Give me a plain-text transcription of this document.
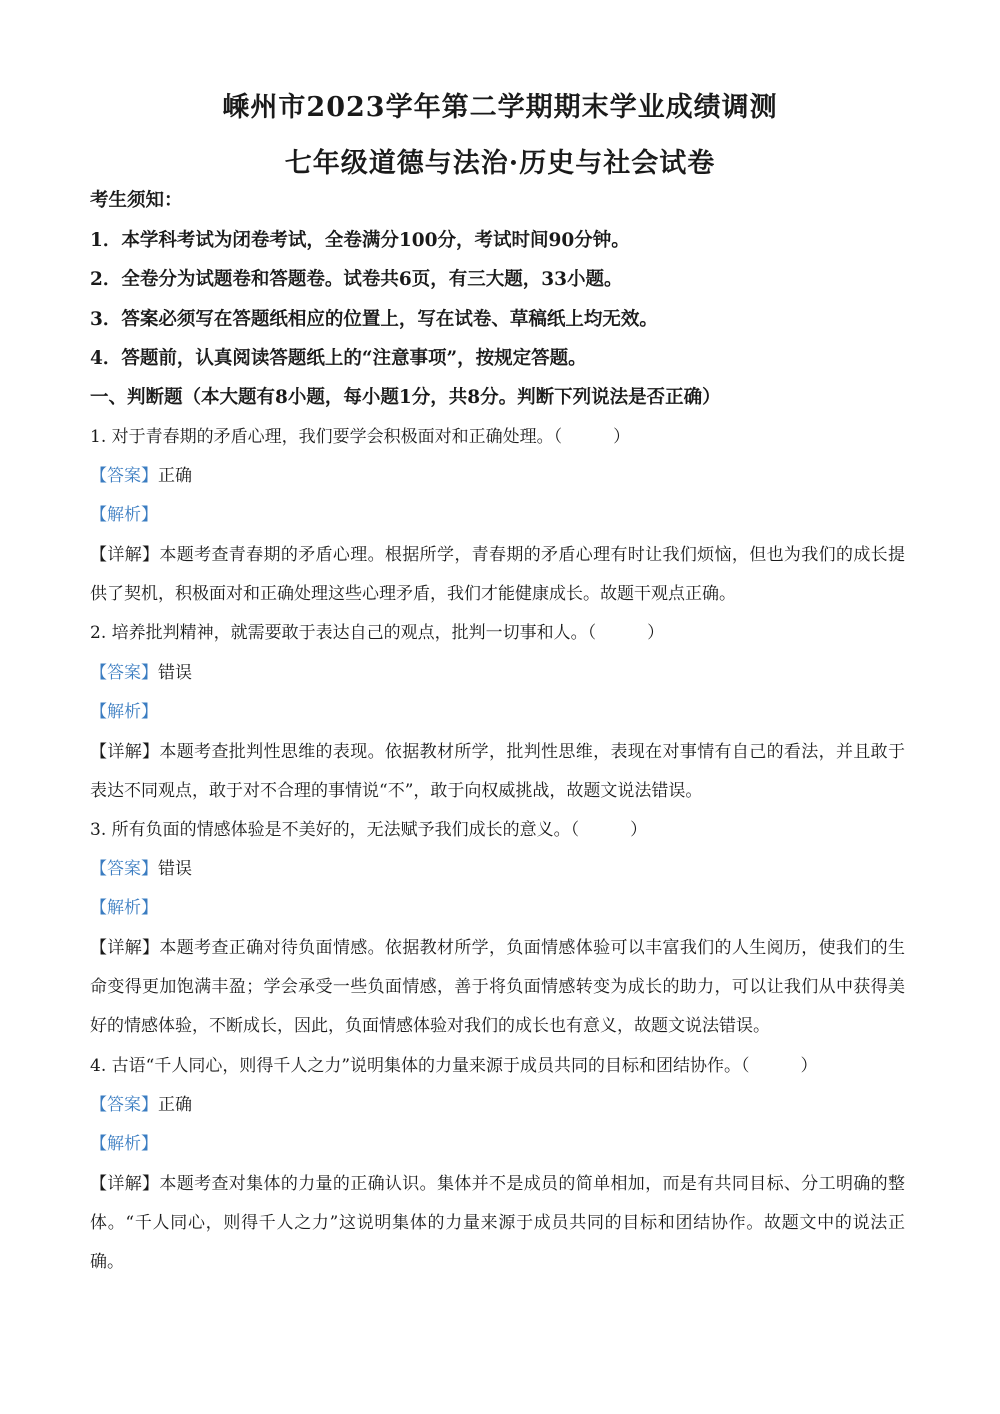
嵊州市2023学年第二学期期末学业成绩调测
七年级道德与法治·历史与社会试卷
考生须知：
1．本学科考试为闭卷考试，全卷满分100分，考试时间90分钟。
2．全卷分为试题卷和答题卷。试卷共6页，有三大题，33小题。
3．答案必须写在答题纸相应的位置上，写在试卷、草稿纸上均无效。
4．答题前，认真阅读答题纸上的“注意事项”，按规定答题。
一、判断题（本大题有8小题，每小题1分，共8分。判断下列说法是否正确）
1. 对于青春期的矛盾心理，我们要学会积极面对和正确处理。（　　　）
【答案】正确
【解析】
【详解】本题考查青春期的矛盾心理。根据所学，青春期的矛盾心理有时让我们烦恼，但也为我们的成长提供了契机，积极面对和正确处理这些心理矛盾，我们才能健康成长。故题干观点正确。
2. 培养批判精神，就需要敢于表达自己的观点，批判一切事和人。（　　　）
【答案】错误
【解析】
【详解】本题考查批判性思维的表现。依据教材所学，批判性思维，表现在对事情有自己的看法，并且敢于表达不同观点，敢于对不合理的事情说“不”，敢于向权威挑战，故题文说法错误。
3. 所有负面的情感体验是不美好的，无法赋予我们成长的意义。（　　　）
【答案】错误
【解析】
【详解】本题考查正确对待负面情感。依据教材所学，负面情感体验可以丰富我们的人生阅历，使我们的生命变得更加饱满丰盈；学会承受一些负面情感，善于将负面情感转变为成长的助力，可以让我们从中获得美好的情感体验，不断成长，因此，负面情感体验对我们的成长也有意义，故题文说法错误。
4. 古语“千人同心，则得千人之力”说明集体的力量来源于成员共同的目标和团结协作。（　　　）
【答案】正确
【解析】
【详解】本题考查对集体的力量的正确认识。集体并不是成员的简单相加，而是有共同目标、分工明确的整体。“千人同心，则得千人之力”这说明集体的力量来源于成员共同的目标和团结协作。故题文中的说法正确。
